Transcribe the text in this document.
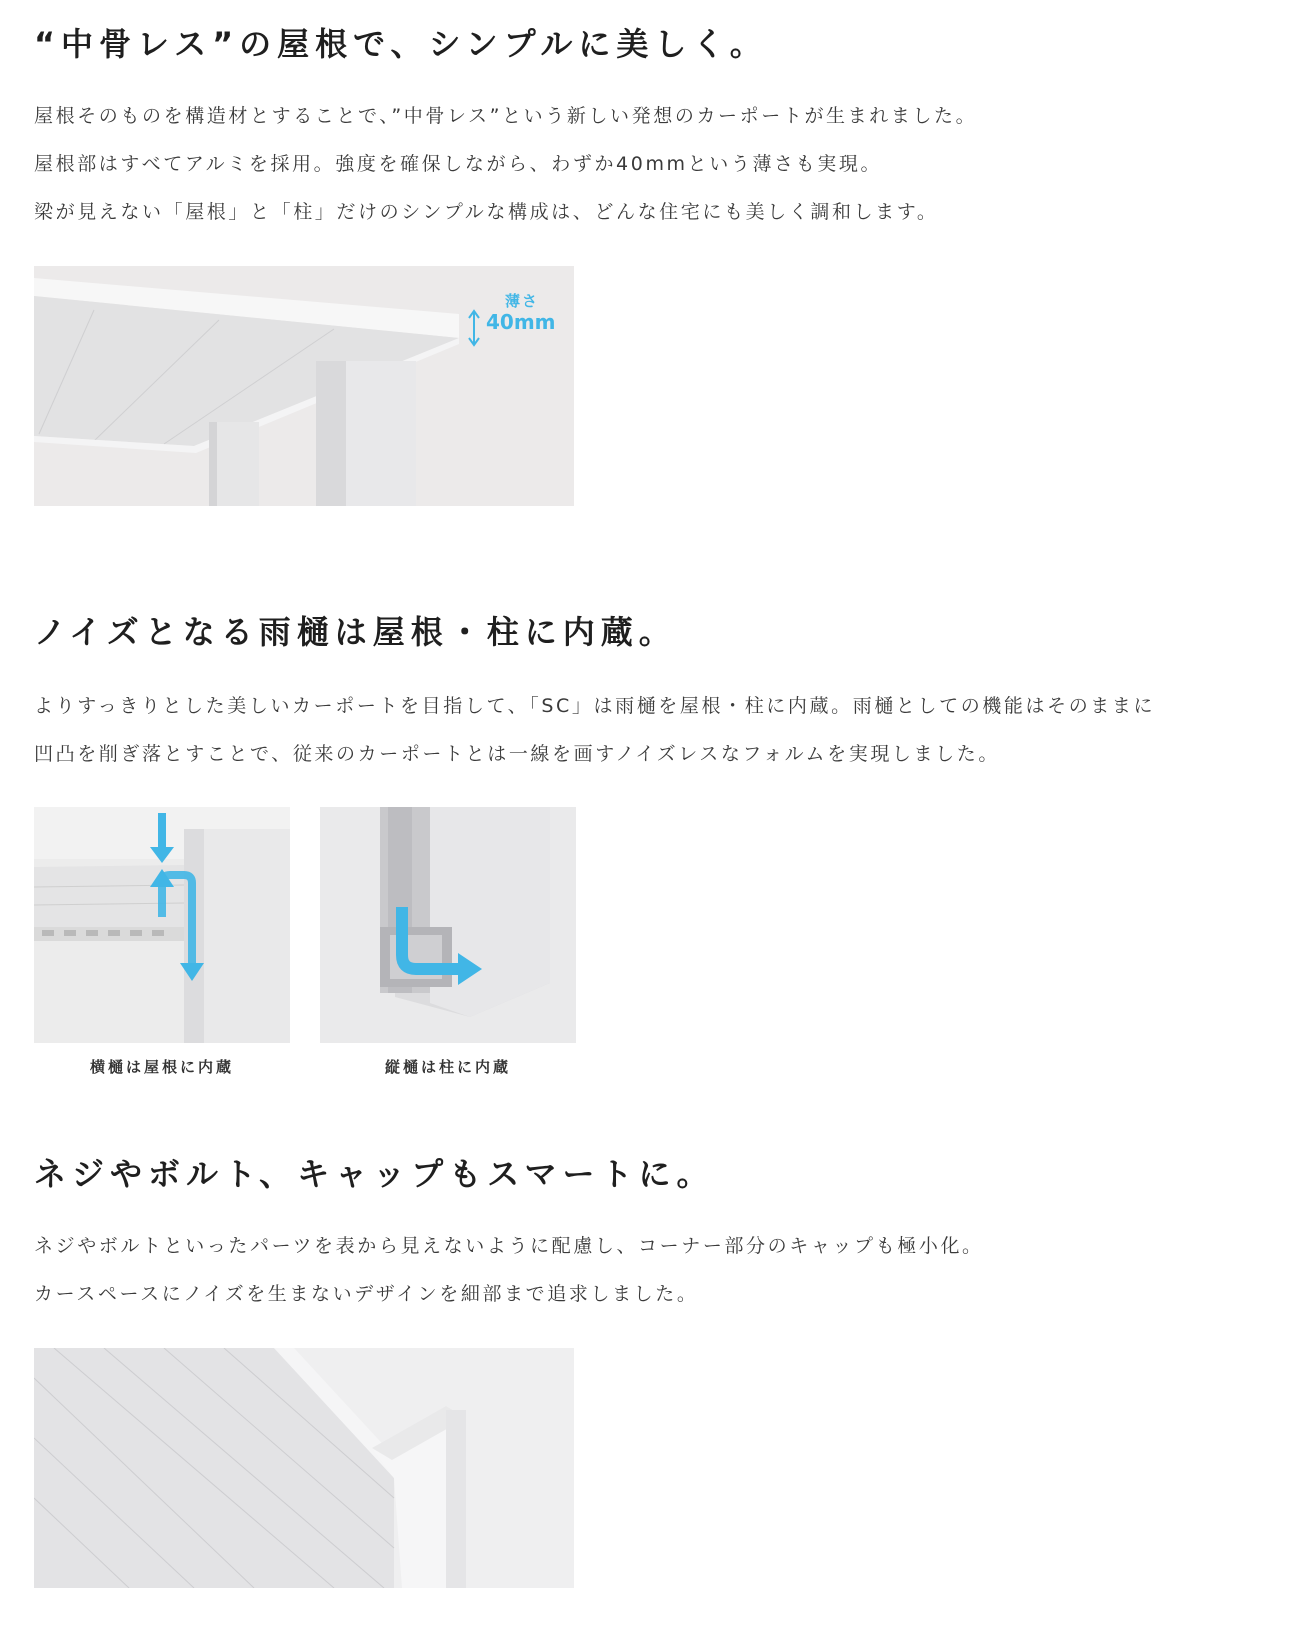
“中骨レス”の屋根で、シンプルに美しく。

屋根そのものを構造材とすることで、”中骨レス”という新しい発想のカーポートが生まれました。

屋根部はすべてアルミを採用。強度を確保しながら、わずか40mmという薄さも実現。

梁が見えない「屋根」と「柱」だけのシンプルな構成は、どんな住宅にも美しく調和します。

薄さ
40mm
ノイズとなる雨樋は屋根・柱に内蔵。

よりすっきりとした美しいカーポートを目指して、「SC」は雨樋を屋根・柱に内蔵。雨樋としての機能はそのままに

凹凸を削ぎ落とすことで、従来のカーポートとは一線を画すノイズレスなフォルムを実現しました。

横樋は屋根に内蔵	縦樋は柱に内蔵
ネジやボルト、キャップもスマートに。

ネジやボルトといったパーツを表から見えないように配慮し、コーナー部分のキャップも極小化。

カースペースにノイズを生まないデザインを細部まで追求しました。
